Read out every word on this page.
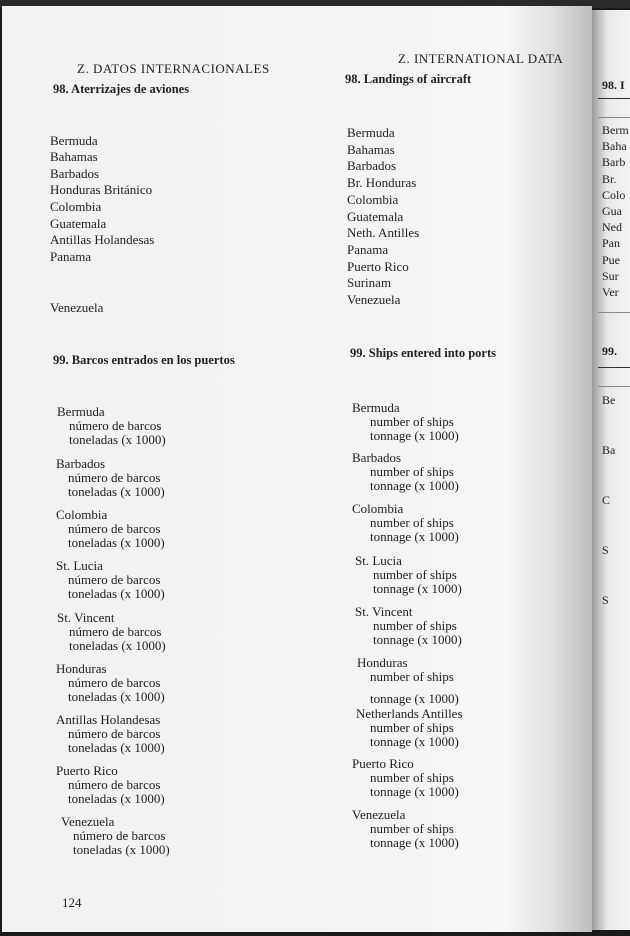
Z. DATOS INTERNACIONALES
98. Aterrizajes de aviones
Z. INTERNATIONAL DATA
98. Landings of aircraft
99. Barcos entrados en los puertos	99. Ships entered into ports
124
98. I
99.
Bermuda
Bahamas
Barbados
Honduras Británico
Colombia
Guatemala
Antillas Holandesas
Panama
Venezuela
Bermuda
Bahamas
Barbados
Br. Honduras
Colombia
Guatemala
Neth. Antilles
Panama
Puerto Rico
Surinam
Venezuela
Bermuda
número de barcos
toneladas (x 1000)
Barbados
número de barcos
toneladas (x 1000)
Colombia
número de barcos
toneladas (x 1000)
St. Lucia
número de barcos
toneladas (x 1000)
St. Vincent
número de barcos
toneladas (x 1000)
Honduras
número de barcos
toneladas (x 1000)
Antillas Holandesas
número de barcos
toneladas (x 1000)
Puerto Rico
número de barcos
toneladas (x 1000)
Venezuela
número de barcos
toneladas (x 1000)
Bermuda
number of ships
tonnage (x 1000)
Barbados
number of ships
tonnage (x 1000)
Colombia
number of ships
tonnage (x 1000)
St. Lucia
number of ships
tonnage (x 1000)
St. Vincent
number of ships
tonnage (x 1000)
Honduras
number of ships
tonnage (x 1000)
Netherlands Antilles
number of ships
tonnage (x 1000)
Puerto Rico
number of ships
tonnage (x 1000)
Venezuela
number of ships
tonnage (x 1000)
Berm
Baha
Barb
Br.
Colo
Gua
Ned
Pan
Pue
Sur
Ver
Be
Ba
C
S
S
